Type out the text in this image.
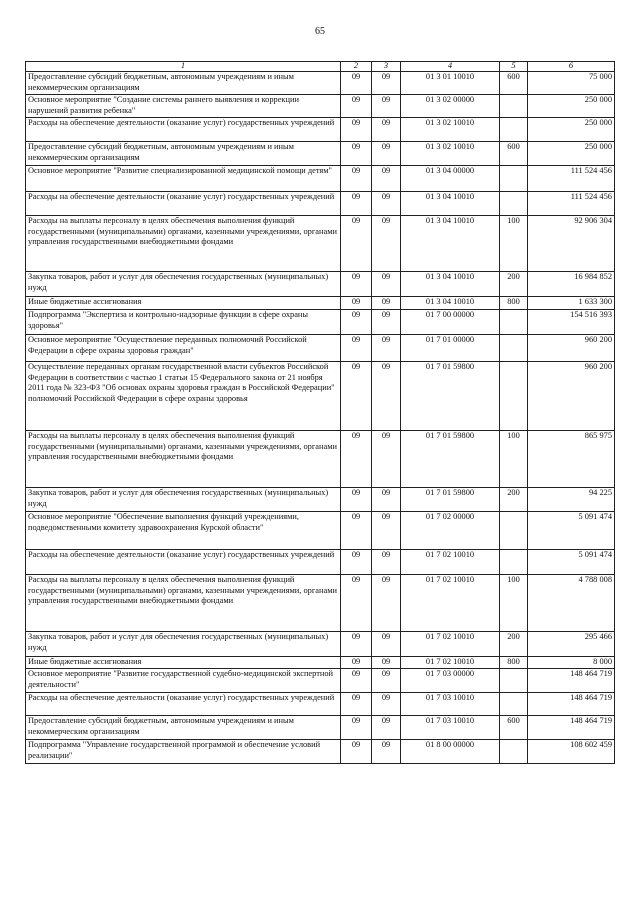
65
1	2	3	4	5	6
Предоставление субсидий бюджетным, автономным учреждениям и иным некоммерческим организациям	09	09	01 3 01 10010	600	75 000
Основное мероприятие "Создание системы раннего выявления и коррекции нарушений развития ребенка"	09	09	01 3 02 00000		250 000
Расходы на обеспечение деятельности (оказание услуг) государственных учреждений	09	09	01 3 02 10010		250 000
Предоставление субсидий бюджетным, автономным учреждениям и иным некоммерческим организациям	09	09	01 3 02 10010	600	250 000
Основное мероприятие "Развитие специализированной медицинской помощи детям"	09	09	01 3 04 00000		111 524 456
Расходы на обеспечение деятельности (оказание услуг) государственных учреждений	09	09	01 3 04 10010		111 524 456
Расходы на выплаты персоналу в целях обеспечения выполнения функций государственными (муниципальными) органами, казенными учреждениями, органами управления государственными внебюджетными фондами	09	09	01 3 04 10010	100	92 906 304
Закупка товаров, работ и услуг для обеспечения государственных (муниципальных) нужд	09	09	01 3 04 10010	200	16 984 852
Иные бюджетные ассигнования	09	09	01 3 04 10010	800	1 633 300
Подпрограмма "Экспертиза и контрольно-надзорные функции в сфере охраны здоровья"	09	09	01 7 00 00000		154 516 393
Основное мероприятие "Осуществление переданных полномочий Российской Федерации в сфере охраны здоровья граждан"	09	09	01 7 01 00000		960 200
Осуществление переданных органам государственной власти субъектов Российской Федерации в соответствии с частью 1 статьи 15 Федерального закона от 21 ноября 2011 года № 323-ФЗ "Об основах охраны здоровья граждан в Российской Федерации" полномочий Российской Федерации в сфере охраны здоровья	09	09	01 7 01 59800		960 200
Расходы на выплаты персоналу в целях обеспечения выполнения функций государственными (муниципальными) органами, казенными учреждениями, органами управления государственными внебюджетными фондами	09	09	01 7 01 59800	100	865 975
Закупка товаров, работ и услуг для обеспечения государственных (муниципальных) нужд	09	09	01 7 01 59800	200	94 225
Основное мероприятие "Обеспечение выполнения функций учреждениями, подведомственными комитету здравоохранения Курской области"	09	09	01 7 02 00000		5 091 474
Расходы на обеспечение деятельности (оказание услуг) государственных учреждений	09	09	01 7 02 10010		5 091 474
Расходы на выплаты персоналу в целях обеспечения выполнения функций государственными (муниципальными) органами, казенными учреждениями, органами управления государственными внебюджетными фондами	09	09	01 7 02 10010	100	4 788 008
Закупка товаров, работ и услуг для обеспечения государственных (муниципальных) нужд	09	09	01 7 02 10010	200	295 466
Иные бюджетные ассигнования	09	09	01 7 02 10010	800	8 000
Основное мероприятие "Развитие государственной судебно-медицинской экспертной деятельности"	09	09	01 7 03 00000		148 464 719
Расходы на обеспечение деятельности (оказание услуг) государственных учреждений	09	09	01 7 03 10010		148 464 719
Предоставление субсидий бюджетным, автономным учреждениям и иным некоммерческим организациям	09	09	01 7 03 10010	600	148 464 719
Подпрограмма "Управление государственной программой и обеспечение условий реализации"	09	09	01 8 00 00000		108 602 459
